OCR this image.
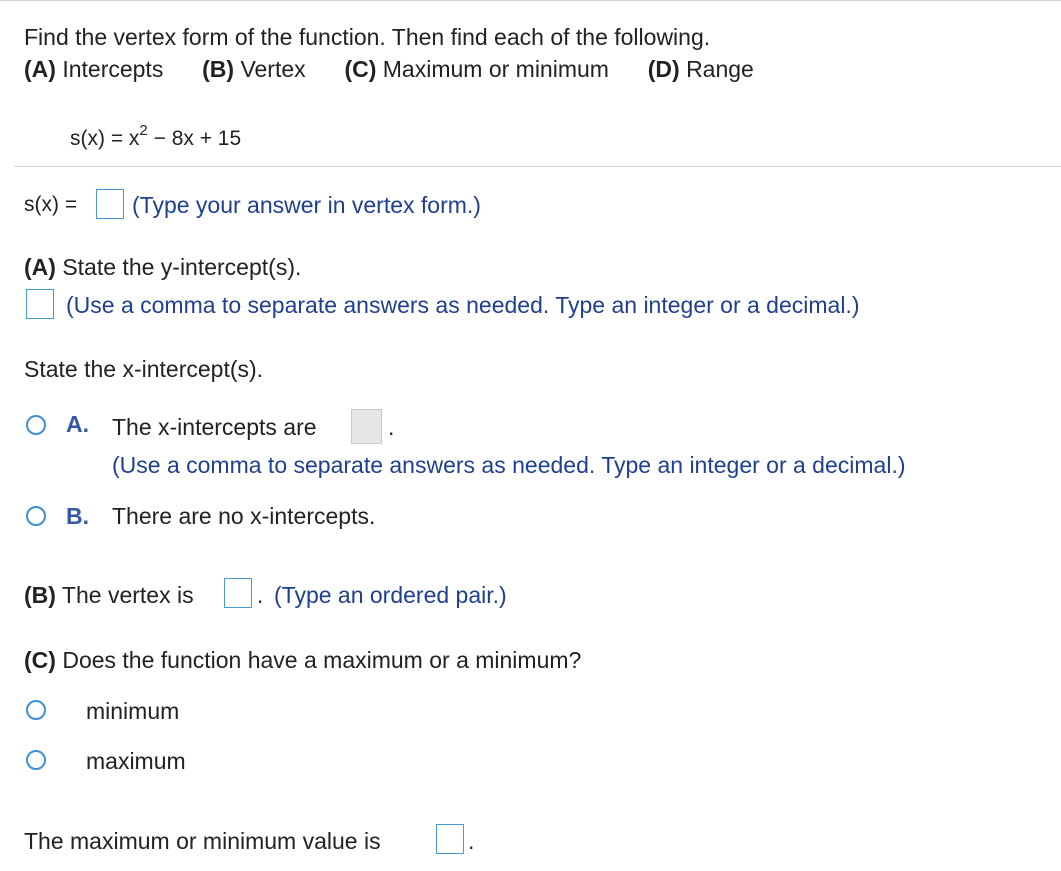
Find the vertex form of the function. Then find each of the following.
(A) Intercepts (B) Vertex (C) Maximum or minimum (D) Range
$s(x) = x^2 - 8x + 15$
s(x) = (Type your answer in vertex form.)
(A) State the y-intercept(s).
(Use a comma to separate answers as needed. Type an integer or a decimal.)
State the x-intercept(s).
A. The x-intercepts are	.
(Use a comma to separate answers as needed. Type an integer or a decimal.)
B. There are no x-intercepts.
(B) The vertex is	. (Type an ordered pair.)
(C) Does the function have a maximum or a minimum?
minimum
maximum
The maximum or minimum value is	.
